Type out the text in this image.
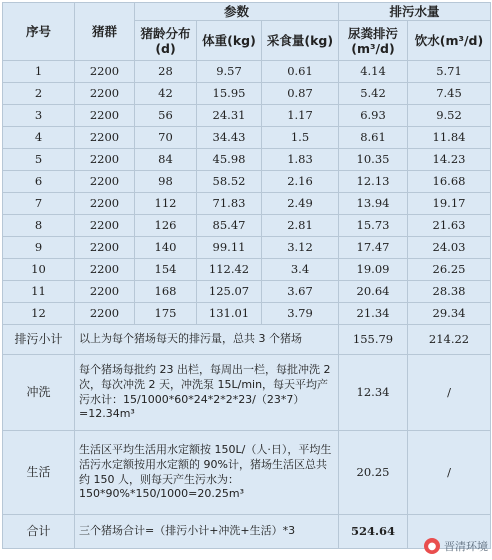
序号	猪群	参数			排污水量	
		猪龄分布(d)	体重(kg)	采食量(kg)	尿粪排污(m³/d)	饮水(m³/d)
1	2200	28	9.57	0.61	4.14	5.71
2	2200	42	15.95	0.87	5.42	7.45
3	2200	56	24.31	1.17	6.93	9.52
4	2200	70	34.43	1.5	8.61	11.84
5	2200	84	45.98	1.83	10.35	14.23
6	2200	98	58.52	2.16	12.13	16.68
7	2200	112	71.83	2.49	13.94	19.17
8	2200	126	85.47	2.81	15.73	21.63
9	2200	140	99.11	3.12	17.47	24.03
10	2200	154	112.42	3.4	19.09	26.25
11	2200	168	125.07	3.67	20.64	28.38
12	2200	175	131.01	3.79	21.34	29.34
排污小计	以上为每个猪场每天的排污量，总共 3 个猪场				155.79	214.22
冲洗	每个猪场每批约 23 出栏，每周出一栏，每批冲洗 2 次，每次冲洗 2 天，冲洗泵 15L/min，每天平均产污水计：15/1000*60*24*2*2*23/（23*7）=12.34m³				12.34	/
生活	生活区平均生活用水定额按 150L/（人·日），平均生活污水定额按用水定额的 90%计，猪场生活区总共约 150 人，则每天产生污水为：150*90%*150/1000=20.25m³				20.25	/
合计	三个猪场合计=（排污小计+冲洗+生活）*3				524.64	
● 晋清环境
